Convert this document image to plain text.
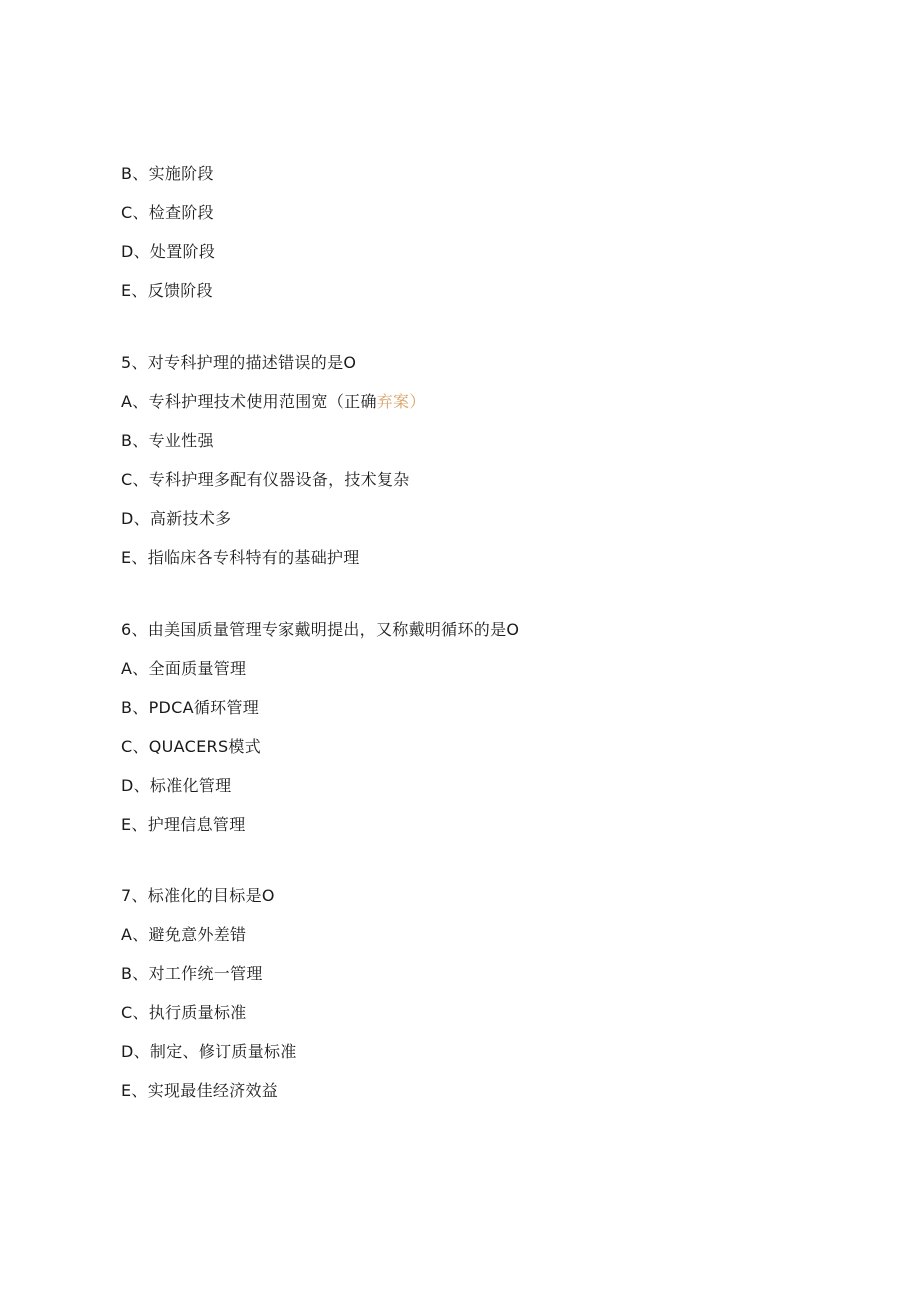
B、实施阶段
C、检查阶段
D、处置阶段
E、反馈阶段
5、对专科护理的描述错误的是O
A、专科护理技术使用范围宽（正确弃案）
B、专业性强
C、专科护理多配有仪器设备，技术复杂
D、高新技术多
E、指临床各专科特有的基础护理
6、由美国质量管理专家戴明提出，又称戴明循环的是O
A、全面质量管理
B、PDCA循环管理
C、QUACERS模式
D、标准化管理
E、护理信息管理
7、标准化的目标是O
A、避免意外差错
B、对工作统一管理
C、执行质量标准
D、制定、修订质量标准
E、实现最佳经济效益
